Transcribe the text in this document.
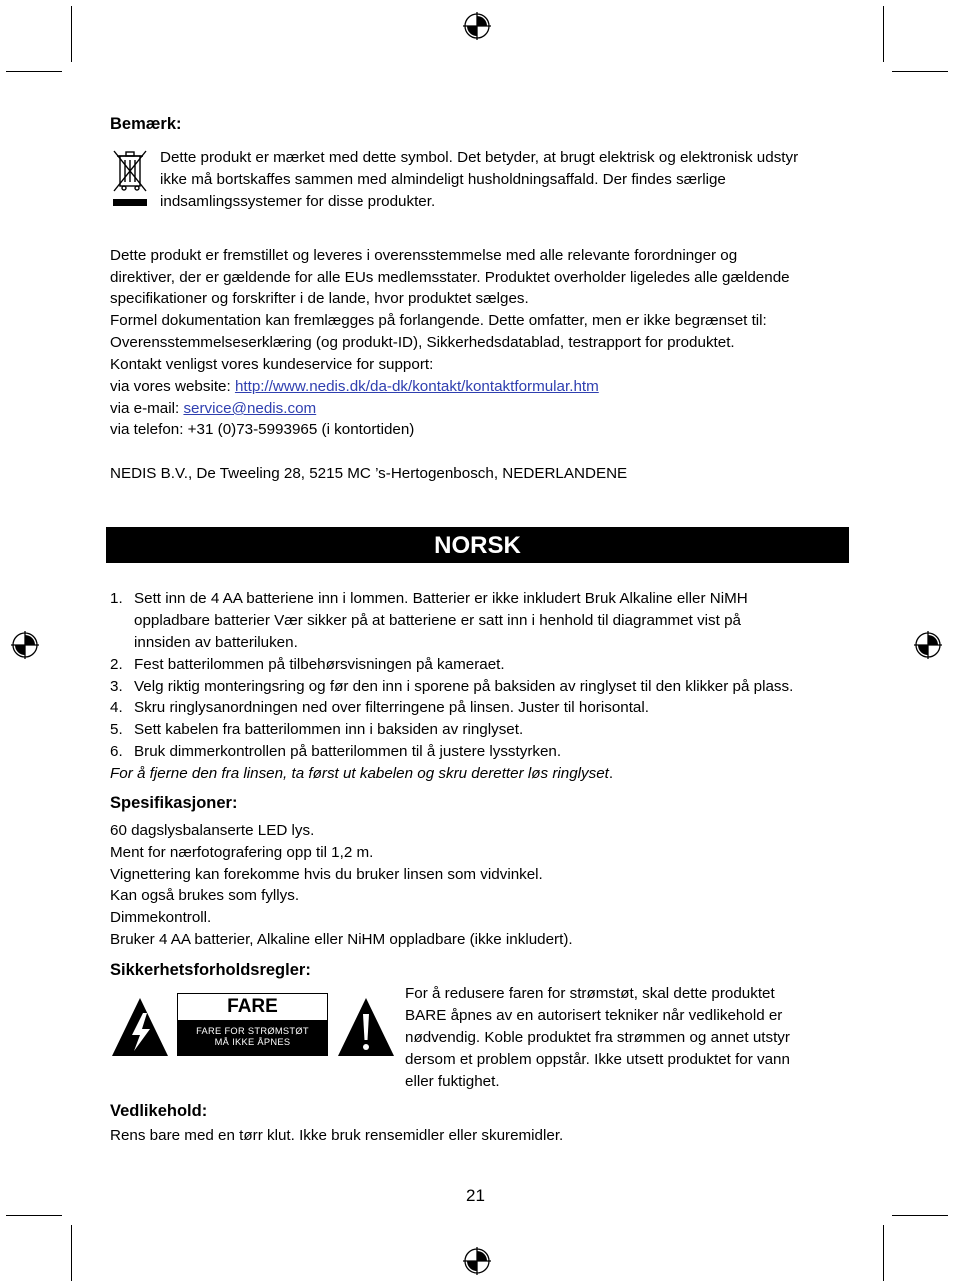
Bemærk:
Dette produkt er mærket med dette symbol. Det betyder, at brugt elektrisk og elektronisk udstyr
ikke må bortskaffes sammen med almindeligt husholdningsaffald. Der findes særlige
indsamlingssystemer for disse produkter.
Dette produkt er fremstillet og leveres i overensstemmelse med alle relevante forordninger og
direktiver, der er gældende for alle EUs medlemsstater. Produktet overholder ligeledes alle gældende
specifikationer og forskrifter i de lande, hvor produktet sælges.
Formel dokumentation kan fremlægges på forlangende. Dette omfatter, men er ikke begrænset til:
Overensstemmelseserklæring (og produkt-ID), Sikkerhedsdatablad, testrapport for produktet.
Kontakt venligst vores kundeservice for support:
via vores website: http://www.nedis.dk/da-dk/kontakt/kontaktformular.htm
via e-mail: service@nedis.com
via telefon: +31 (0)73-5993965 (i kontortiden)
NEDIS B.V., De Tweeling 28, 5215 MC ’s-Hertogenbosch, NEDERLANDENE
NORSK
1. Sett inn de 4 AA batteriene inn i lommen. Batterier er ikke inkludert Bruk Alkaline eller NiMH
oppladbare batterier Vær sikker på at batteriene er satt inn i henhold til diagrammet vist på
innsiden av batteriluken.
2. Fest batterilommen på tilbehørsvisningen på kameraet.
3. Velg riktig monteringsring og før den inn i sporene på baksiden av ringlyset til den klikker på plass.
4. Skru ringlysanordningen ned over filterringene på linsen. Juster til horisontal.
5. Sett kabelen fra batterilommen inn i baksiden av ringlyset.
6. Bruk dimmerkontrollen på batterilommen til å justere lysstyrken.
For å fjerne den fra linsen, ta først ut kabelen og skru deretter løs ringlyset.
Spesifikasjoner:
60 dagslysbalanserte LED lys.
Ment for nærfotografering opp til 1,2 m.
Vignettering kan forekomme hvis du bruker linsen som vidvinkel.
Kan også brukes som fyllys.
Dimmekontroll.
Bruker 4 AA batterier, Alkaline eller NiHM oppladbare (ikke inkludert).
Sikkerhetsforholdsregler:
FARE
FARE FOR STRØMSTØT
MÅ IKKE ÅPNES
For å redusere faren for strømstøt, skal dette produktet
BARE åpnes av en autorisert tekniker når vedlikehold er
nødvendig. Koble produktet fra strømmen og annet utstyr
dersom et problem oppstår. Ikke utsett produktet for vann
eller fuktighet.
Vedlikehold:
Rens bare med en tørr klut. Ikke bruk rensemidler eller skuremidler.
21
